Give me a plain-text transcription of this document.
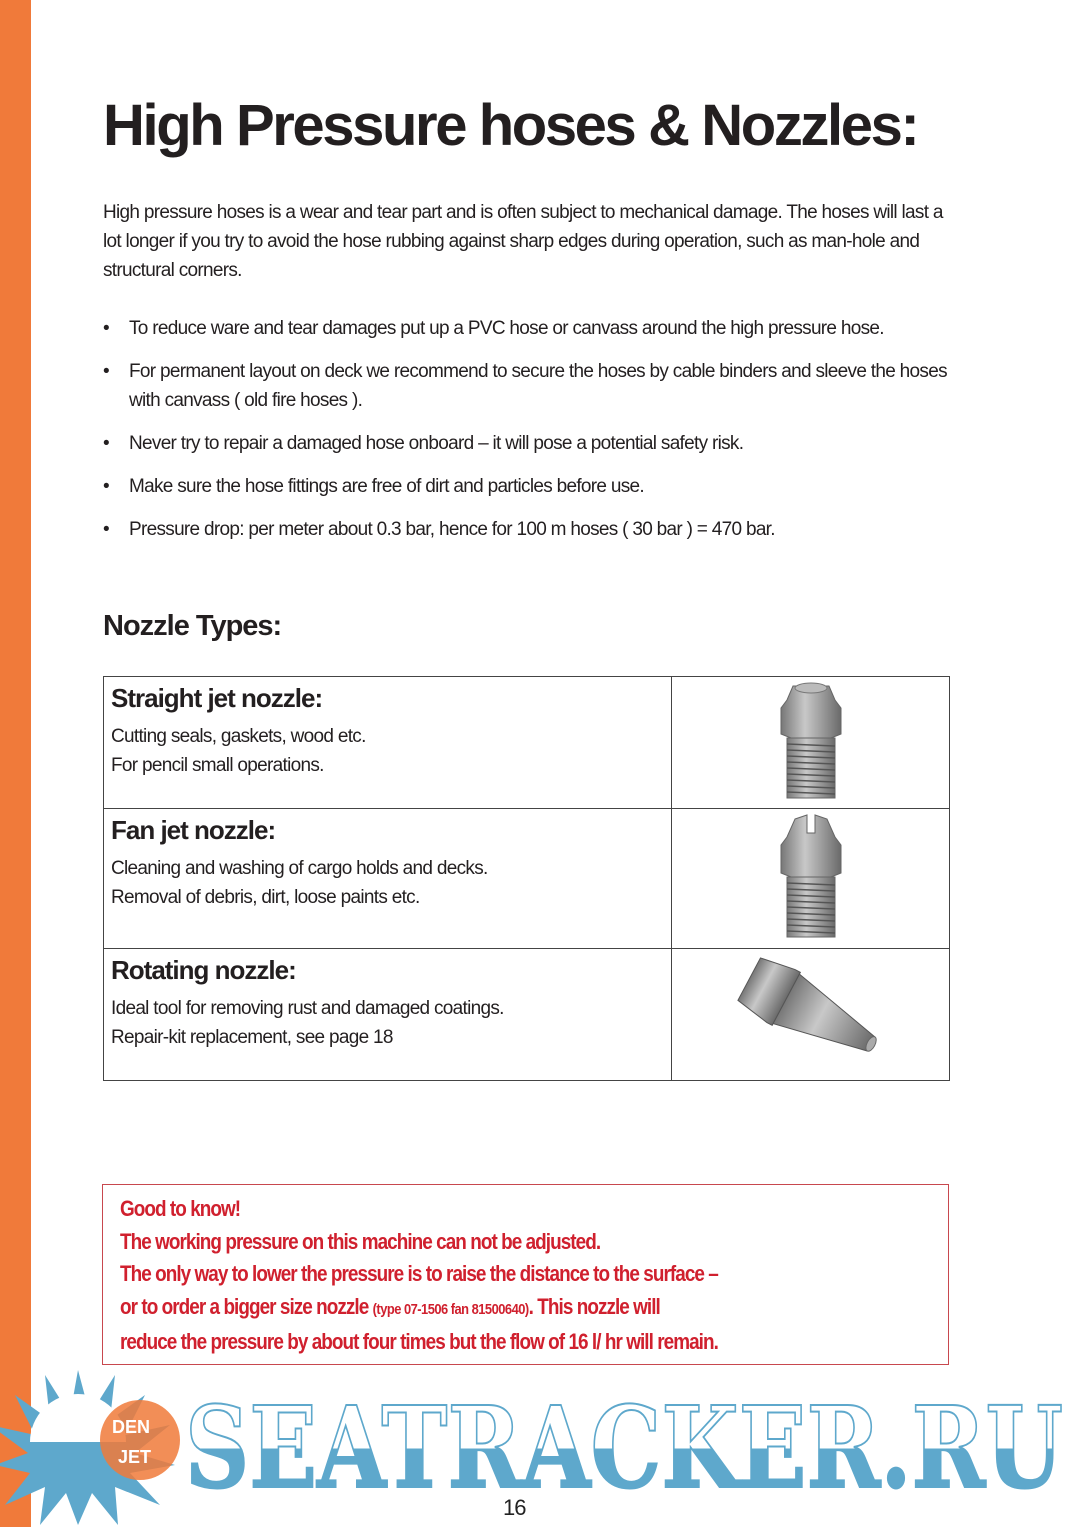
High Pressure hoses & Nozzles:

High pressure hoses is a wear and tear part and is often subject to mechanical damage. The hoses will last a lot longer if you try to avoid the hose rubbing against sharp edges during operation, such as man-hole and structural corners.

• To reduce ware and tear damages put up a PVC hose or canvass around the high pressure hose.
• For permanent layout on deck we recommend to secure the hoses by cable binders and sleeve the hoses with canvass ( old fire hoses ).
• Never try to repair a damaged hose onboard – it will pose a potential safety risk.
• Make sure the hose fittings are free of dirt and particles before use.
• Pressure drop: per meter about 0.3 bar, hence for 100 m hoses ( 30 bar ) = 470 bar.
Nozzle Types:
Straight jet nozzle:
Cutting seals, gaskets, wood etc.
For pencil small operations.

Fan jet nozzle:
Cleaning and washing of cargo holds and decks.
Removal of debris, dirt, loose paints etc.

Rotating nozzle:
Ideal tool for removing rust and damaged coatings.
Repair-kit replacement, see page 18

Good to know!
The working pressure on this machine can not be adjusted.
The only way to lower the pressure is to raise the distance to the surface –
or to order a bigger size nozzle (type 07-1506 fan 81500640). This nozzle will
reduce the pressure by about four times but the flow of 16 l/ hr will remain.
DEN
JET SEATRACKER.RU
16
